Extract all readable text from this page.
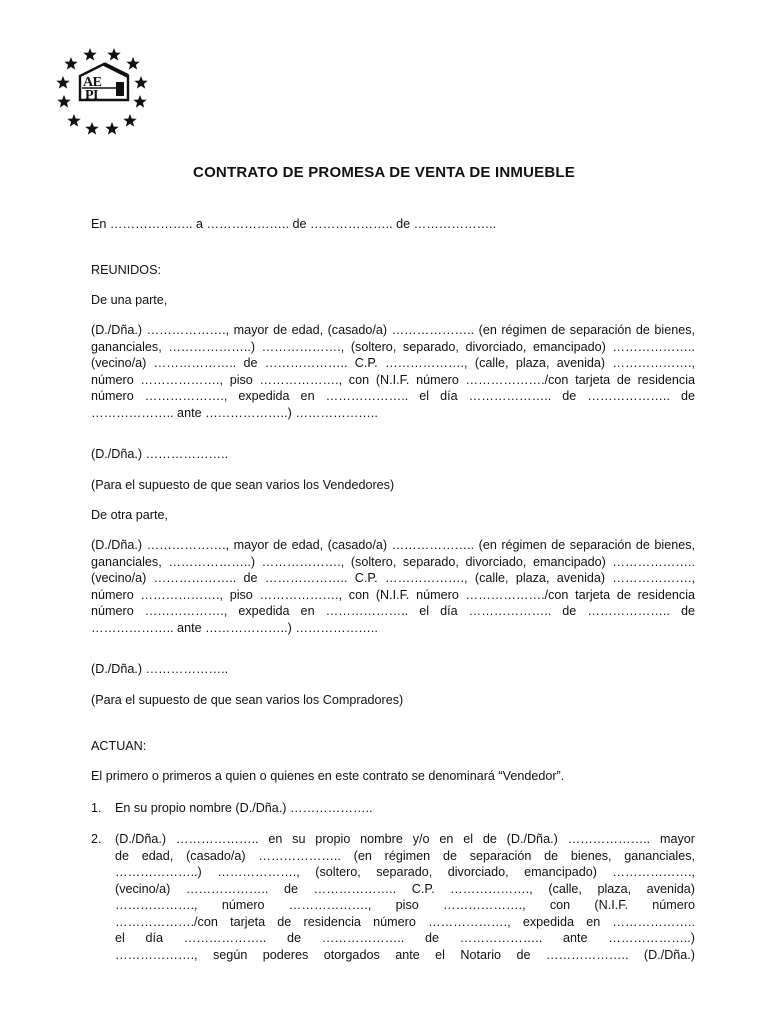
AE
PI
CONTRATO DE PROMESA DE VENTA DE INMUEBLE
En ……………….. a ……………….. de ……………….. de ………………..
REUNIDOS:
De una parte,
(D./Dña.) ………………., mayor de edad, (casado/a) ……………….. (en régimen de separación de bienes, gananciales, ………………..) ………………., (soltero, separado, divorciado, emancipado) ……………….. (vecino/a) ……………….. de ……………….. C.P. ………………., (calle, plaza, avenida) ………………., número ………………., piso ………………., con (N.I.F. número ………………./con tarjeta de residencia número ………………., expedida en ……………….. el día ……………….. de ……………….. de ……………….. ante ………………..) ………………..
(D./Dña.) ………………..
(Para el supuesto de que sean varios los Vendedores)
De otra parte,
(D./Dña.) ………………., mayor de edad, (casado/a) ……………….. (en régimen de separación de bienes, gananciales, ………………..) ………………., (soltero, separado, divorciado, emancipado) ……………….. (vecino/a) ……………….. de ……………….. C.P. ………………., (calle, plaza, avenida) ………………., número ………………., piso ………………., con (N.I.F. número ………………./con tarjeta de residencia número ………………., expedida en ……………….. el día ……………….. de ……………….. de ……………….. ante ………………..) ………………..
(D./Dña.) ………………..
(Para el supuesto de que sean varios los Compradores)
ACTUAN:
El primero o primeros a quien o quienes en este contrato se denominará “Vendedor”.
1. En su propio nombre (D./Dña.) ………………..
2. (D./Dña.) ……………….. en su propio nombre y/o en el de (D./Dña.) ……………….. mayor
de edad, (casado/a) ……………….. (en régimen de separación de bienes, gananciales,
………………..) ………………., (soltero, separado, divorciado, emancipado) ……………….,
(vecino/a) ……………….. de ……………….. C.P. ………………., (calle, plaza, avenida)
………………., número ………………., piso ………………., con (N.I.F. número
………………./con tarjeta de residencia número ………………., expedida en ………………..
el día ……………….. de ……………….. de ……………….. ante ………………..)
………………., según poderes otorgados ante el Notario de ……………….. (D./Dña.)
